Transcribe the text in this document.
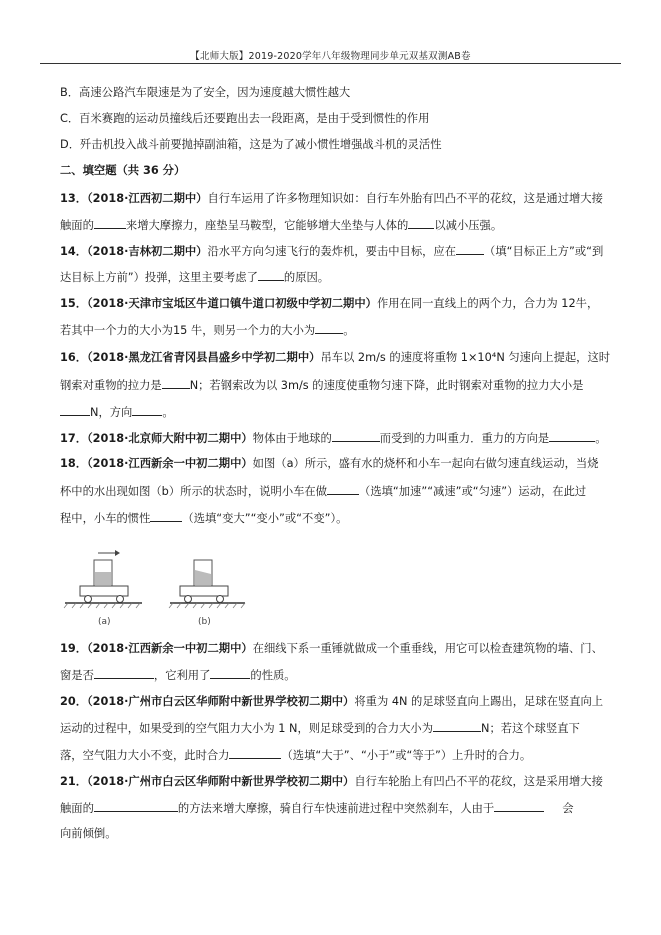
【北师大版】2019-2020学年八年级物理同步单元双基双测AB卷
B．高速公路汽车限速是为了安全，因为速度越大惯性越大
C．百米赛跑的运动员撞线后还要跑出去一段距离，是由于受到惯性的作用
D．歼击机投入战斗前要抛掉副油箱，这是为了减小惯性增强战斗机的灵活性
二、填空题（共 36 分）
13．（2018·江西初二期中）自行车运用了许多物理知识如：自行车外胎有凹凸不平的花纹，这是通过增大接
触面的	来增大摩擦力，座垫呈马鞍型，它能够增大坐垫与人体的 以减小压强。
14．（2018·吉林初二期中）沿水平方向匀速飞行的轰炸机，要击中目标，应在 （填“目标正上方”或“到
达目标上方前”）投弹，这里主要考虑了 的原因。
15．（2018·天津市宝坻区牛道口镇牛道口初级中学初二期中）作用在同一直线上的两个力，合力为 12牛，
若其中一个力的大小为15 牛，则另一个力的大小为 。
16．（2018·黑龙江省青冈县昌盛乡中学初二期中）吊车以 2m/s 的速度将重物 1×10⁴N 匀速向上提起，这时
钢索对重物的拉力是 N；若钢索改为以 3m/s 的速度使重物匀速下降，此时钢索对重物的拉力大小是
N，方向	。
17．（2018·北京师大附中初二期中）物体由于地球的	而受到的力叫重力．重力的方向是	。
18．（2018·江西新余一中初二期中）如图（a）所示，盛有水的烧杯和小车一起向右做匀速直线运动，当烧
杯中的水出现如图（b）所示的状态时，说明小车在做	（选填“加速”“减速”或“匀速”）运动，在此过
程中，小车的惯性	（选填“变大”“变小”或“不变”）。
(a)	(b)
19．（2018·江西新余一中初二期中）在细线下系一重锤就做成一个重垂线，用它可以检查建筑物的墙、门、
窗是否	，它利用了	的性质。
20．（2018·广州市白云区华师附中新世界学校初二期中）将重为 4N 的足球竖直向上踢出，足球在竖直向上
运动的过程中，如果受到的空气阻力大小为 1 N，则足球受到的合力大小为	N；若这个球竖直下
落，空气阻力大小不变，此时合力	（选填“大于”、“小于”或“等于”）上升时的合力。
21．（2018·广州市白云区华师附中新世界学校初二期中）自行车轮胎上有凹凸不平的花纹，这是采用增大接
触面的	的方法来增大摩擦，骑自行车快速前进过程中突然刹车，人由于	会
向前倾倒。
